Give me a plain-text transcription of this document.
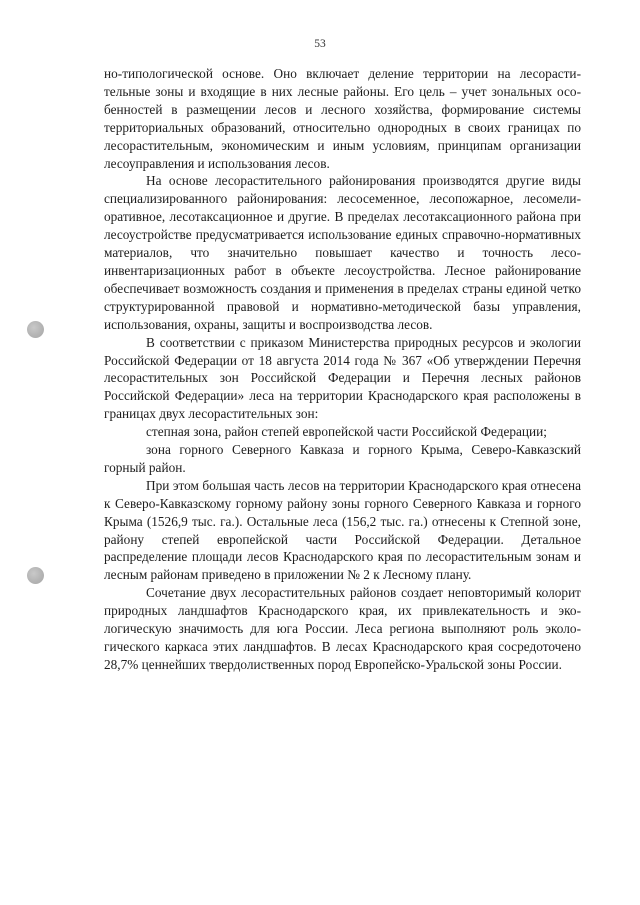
53

но-типологической основе. Оно включает деление территории на лесорастительные зоны и входящие в них лесные районы. Его цель – учет зональных особенностей в размещении лесов и лесного хозяйства, формирование системы территориальных образований, относительно однородных в своих границах по лесорастительным, экономическим и иным условиям, принципам организации лесоуправления и использования лесов.

На основе лесорастительного районирования производятся другие виды специализированного районирования: лесосеменное, лесопожарное, лесомелиоративное, лесотаксационное и другие. В пределах лесотаксационного района при лесоустройстве предусматривается использование единых справочно-нормативных материалов, что значительно повышает качество и точность лесоинвентаризационных работ в объекте лесоустройства. Лесное районирование обеспечивает возможность создания и применения в пределах страны единой четко структурированной правовой и нормативно-методической базы управления, использования, охраны, защиты и воспроизводства лесов.

В соответствии с приказом Министерства природных ресурсов и экологии Российской Федерации от 18 августа 2014 года № 367 «Об утверждении Перечня лесорастительных зон Российской Федерации и Перечня лесных районов Российской Федерации» леса на территории Краснодарского края расположены в границах двух лесорастительных зон:

степная зона, район степей европейской части Российской Федерации;

зона горного Северного Кавказа и горного Крыма, Северо-Кавказский горный район.

При этом большая часть лесов на территории Краснодарского края отнесена к Северо-Кавказскому горному району зоны горного Северного Кавказа и горного Крыма (1526,9 тыс. га.). Остальные леса (156,2 тыс. га.) отнесены к Степной зоне, району степей европейской части Российской Федерации. Детальное распределение площади лесов Краснодарского края по лесорастительным зонам и лесным районам приведено в приложении № 2 к Лесному плану.

Сочетание двух лесорастительных районов создает неповторимый колорит природных ландшафтов Краснодарского края, их привлекательность и экологическую значимость для юга России. Леса региона выполняют роль экологического каркаса этих ландшафтов. В лесах Краснодарского края сосредоточено 28,7% ценнейших твердолиственных пород Европейско-Уральской зоны России.
